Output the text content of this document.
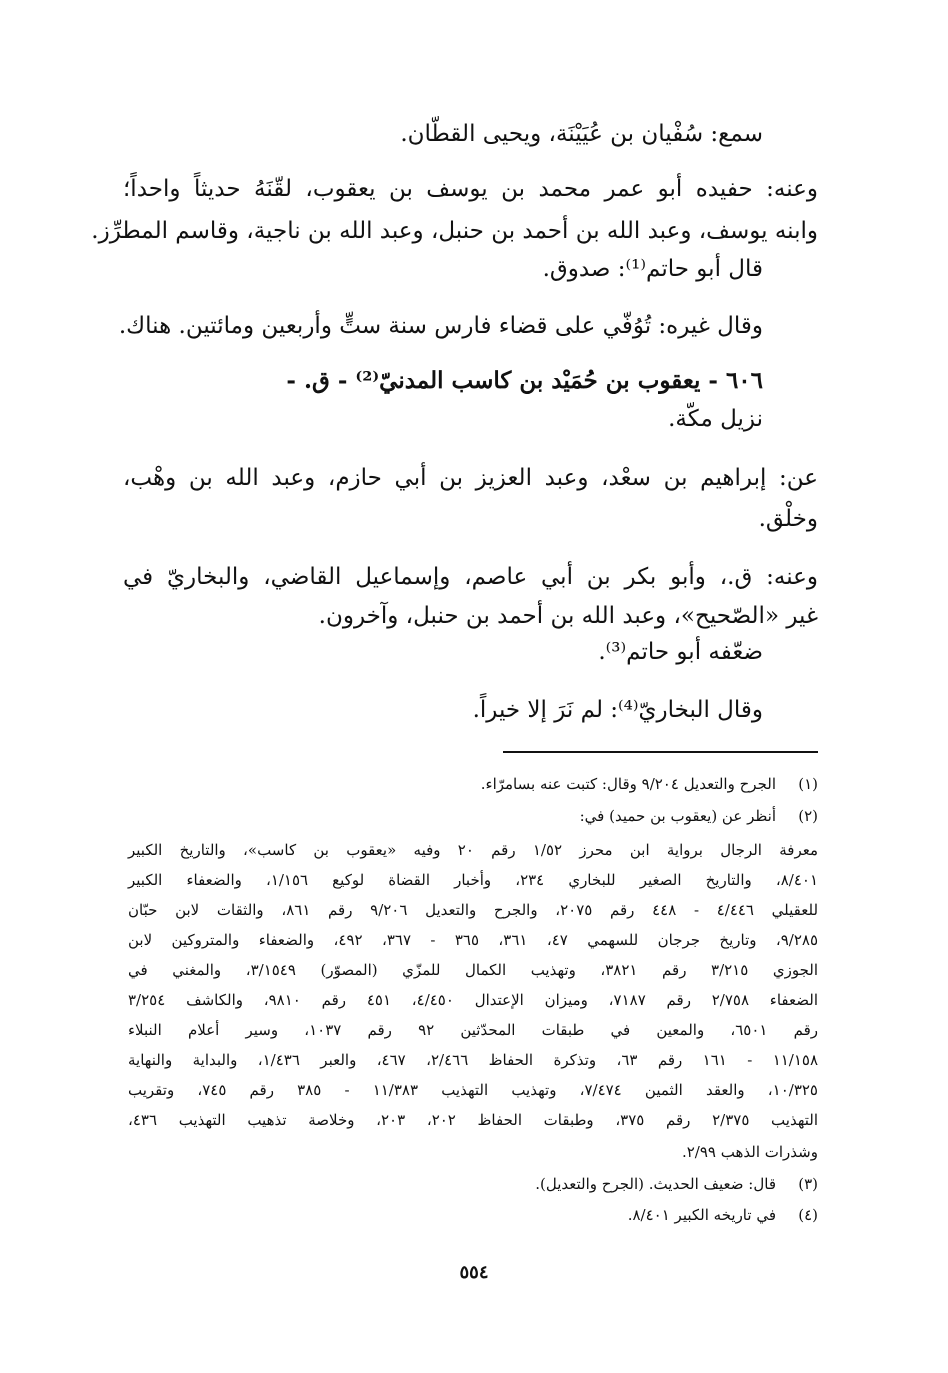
سمع: سُفْيان بن عُيَيْنَة، ويحيى القطّان.
وعنه: حفيده أبو عمر محمد بن يوسف بن يعقوب، لقّنَهُ حديثاً واحداً؛
وابنه يوسف، وعبد الله بن أحمد بن حنبل، وعبد الله بن ناجية، وقاسم المطرِّز.
قال أبو حاتم⁽¹⁾: صدوق.
وقال غيره: تُوُفّي على قضاء فارس سنة ستٍّ وأربعين ومائتين. هناك.
٦٠٦ - يعقوب بن حُمَيْد بن كاسب المدنيّ⁽²⁾ - ق. -
نزيل مكّة.
عن: إبراهيم بن سعْد، وعبد العزيز بن أبي حازم، وعبد الله بن وهْب،
وخلْق.
وعنه: ق.، وأبو بكر بن أبي عاصم، وإسماعيل القاضي، والبخاريّ في
غير «الصّحيح»، وعبد الله بن أحمد بن حنبل، وآخرون.
ضعّفه أبو حاتم⁽³⁾.
وقال البخاريّ⁽⁴⁾: لم نَرَ إلا خيراً.
(١)الجرح والتعديل ٩/٢٠٤ وقال: كتبت عنه بسامرّاء.
(٢)أنظر عن (يعقوب بن حميد) في:
معرفة الرجال برواية ابن محرز ١/٥٢ رقم ٢٠ وفيه «يعقوب بن كاسب»، والتاريخ الكبير
٨/٤٠١، والتاريخ الصغير للبخاري ٢٣٤، وأخبار القضاة لوكيع ١/١٥٦، والضعفاء الكبير
للعقيلي ٤/٤٤٦ - ٤٤٨ رقم ٢٠٧٥، والجرح والتعديل ٩/٢٠٦ رقم ٨٦١، والثقات لابن حبّان
٩/٢٨٥، وتاريخ جرجان للسهمي ٤٧، ٣٦١، ٣٦٥ - ٣٦٧، ٤٩٢، والضعفاء والمتروكين لابن
الجوزي ٣/٢١٥ رقم ٣٨٢١، وتهذيب الكمال للمزّي (المصوّر) ٣/١٥٤٩، والمغني في
الضعفاء ٢/٧٥٨ رقم ٧١٨٧، وميزان الإعتدال ٤/٤٥٠، ٤٥١ رقم ٩٨١٠، والكاشف ٣/٢٥٤
رقم ٦٥٠١، والمعين في طبقات المحدّثين ٩٢ رقم ١٠٣٧، وسير أعلام النبلاء
١١/١٥٨ - ١٦١ رقم ٦٣، وتذكرة الحفاظ ٢/٤٦٦، ٤٦٧، والعبر ١/٤٣٦، والبداية والنهاية
١٠/٣٢٥، والعقد الثمين ٧/٤٧٤، وتهذيب التهذيب ١١/٣٨٣ - ٣٨٥ رقم ٧٤٥، وتقريب
التهذيب ٢/٣٧٥ رقم ٣٧٥، وطبقات الحفاظ ٢٠٢، ٢٠٣، وخلاصة تذهيب التهذيب ٤٣٦،
وشذرات الذهب ٢/٩٩.
(٣)قال: ضعيف الحديث. (الجرح والتعديل).
(٤)في تاريخه الكبير ٨/٤٠١.
٥٥٤
